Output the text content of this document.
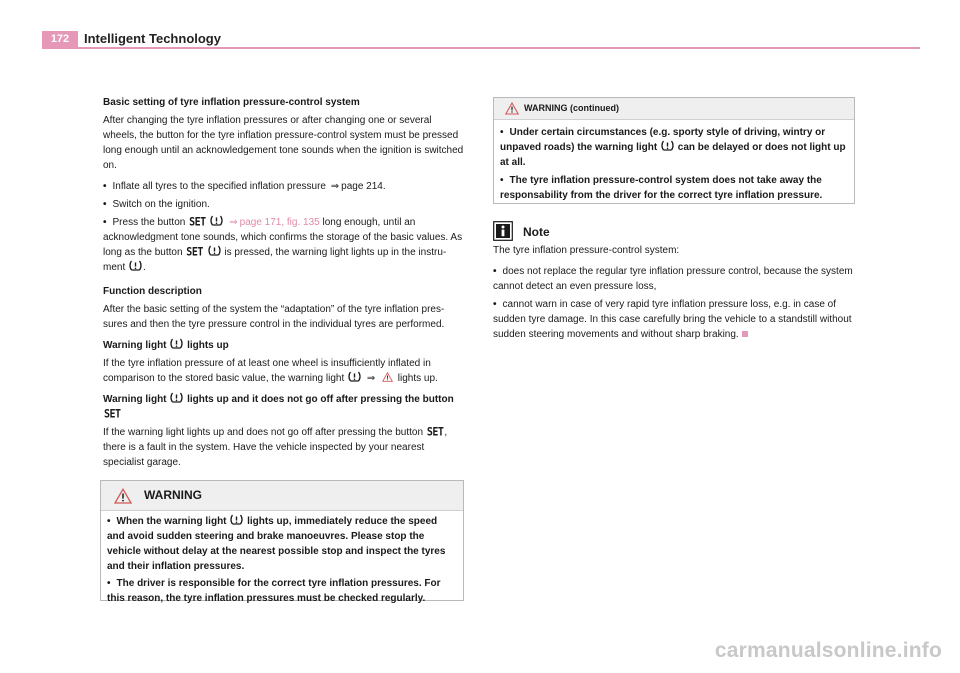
172	Intelligent Technology
Basic setting of tyre inflation pressure-control system

After changing the tyre inflation pressures or after changing one or several wheels, the button for the tyre inflation pressure-control system must be pressed long enough until an acknowledgement tone sounds when the ignition is switched on.

• Inflate all tyres to the specified inflation pressure ⇒ page 214.
• Switch on the ignition.
• Press the button SET ⇒ page 171, fig. 135 long enough, until an acknowledgment tone sounds, which confirms the storage of the basic values. As long as the button SET is pressed, the warning light lights up in the instru-ment .
Function description

After the basic setting of the system the “adaptation” of the tyre inflation pres-sures and then the tyre pressure control in the individual tyres are performed.

Warning light lights up

If the tyre inflation pressure of at least one wheel is insufficiently inflated in comparison to the stored basic value, the warning light ⇒ lights up.

Warning light lights up and it does not go off after pressing the button
SET

If the warning light lights up and does not go off after pressing the button SET, there is a fault in the system. Have the vehicle inspected by your nearest specialist garage.

WARNING
• When the warning light lights up, immediately reduce the speed and avoid sudden steering and brake manoeuvres. Please stop the vehicle without delay at the nearest possible stop and inspect the tyres and their inflation pressures.
• The driver is responsible for the correct tyre inflation pressures. For this reason, the tyre inflation pressures must be checked regularly.
WARNING (continued)
• Under certain circumstances (e.g. sporty style of driving, wintry or unpaved roads) the warning light can be delayed or does not light up at all.
• The tyre inflation pressure-control system does not take away the responsability from the driver for the correct tyre inflation pressure.
Note

The tyre inflation pressure-control system:

• does not replace the regular tyre inflation pressure control, because the system cannot detect an even pressure loss,
• cannot warn in case of very rapid tyre inflation pressure loss, e.g. in case of sudden tyre damage. In this case carefully bring the vehicle to a standstill without sudden steering movements and without sharp braking.
carmanualsonline.info
